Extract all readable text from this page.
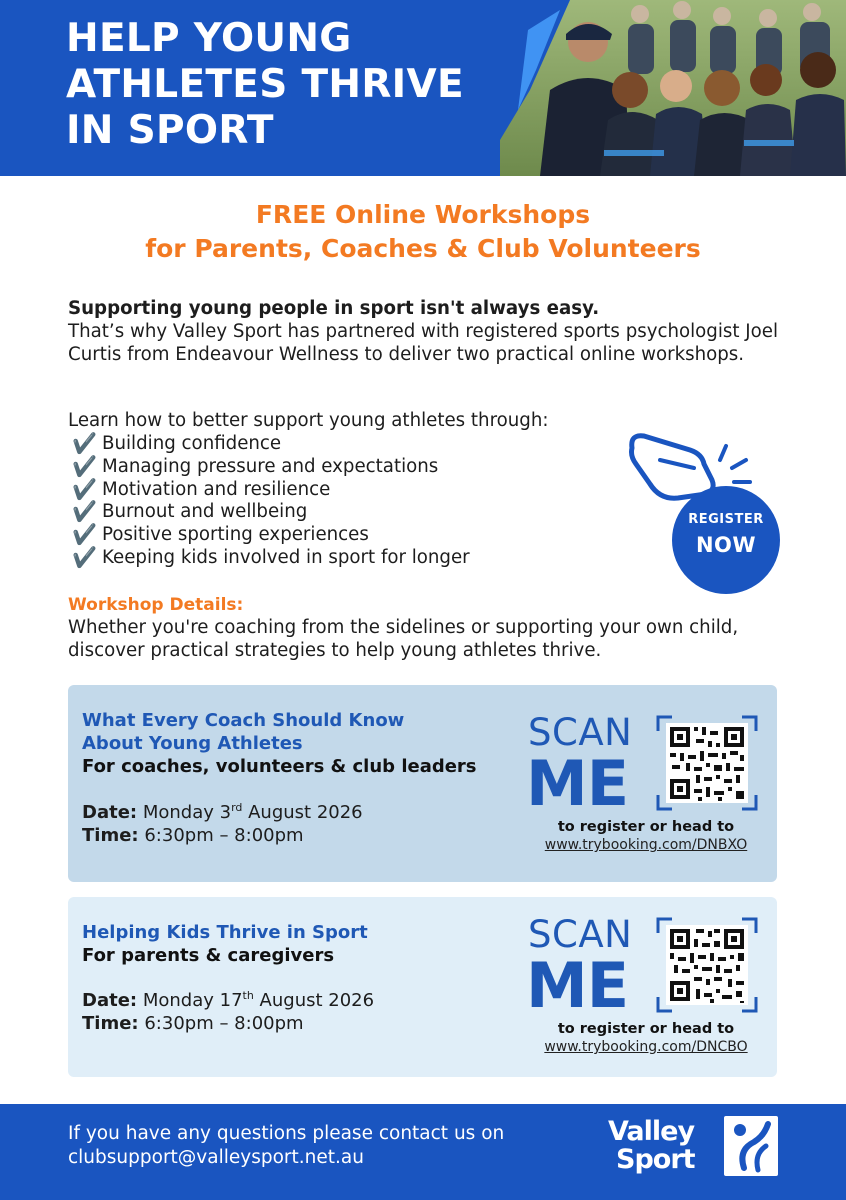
HELP YOUNG
ATHLETES THRIVE
IN SPORT
FREE Online Workshops
for Parents, Coaches & Club Volunteers
Supporting young people in sport isn't always easy.
That’s why Valley Sport has partnered with registered sports psychologist Joel Curtis from Endeavour Wellness to deliver two practical online workshops.
Learn how to better support young athletes through:
✔️ Building confidence
✔️ Managing pressure and expectations
✔️ Motivation and resilience
✔️ Burnout and wellbeing
✔️ Positive sporting experiences
✔️ Keeping kids involved in sport for longer
REGISTER
NOW
Workshop Details:
Whether you're coaching from the sidelines or supporting your own child, discover practical strategies to help young athletes thrive.
What Every Coach Should Know
About Young Athletes
For coaches, volunteers & club leaders
Date: Monday 3rd August 2026
Time: 6:30pm – 8:00pm
SCAN
ME
to register or head to
www.trybooking.com/DNBXO
Helping Kids Thrive in Sport
For parents & caregivers
Date: Monday 17th August 2026
Time: 6:30pm – 8:00pm
SCAN
ME
to register or head to
www.trybooking.com/DNCBO
If you have any questions please contact us on
clubsupport@valleysport.net.au
Valley
Sport
